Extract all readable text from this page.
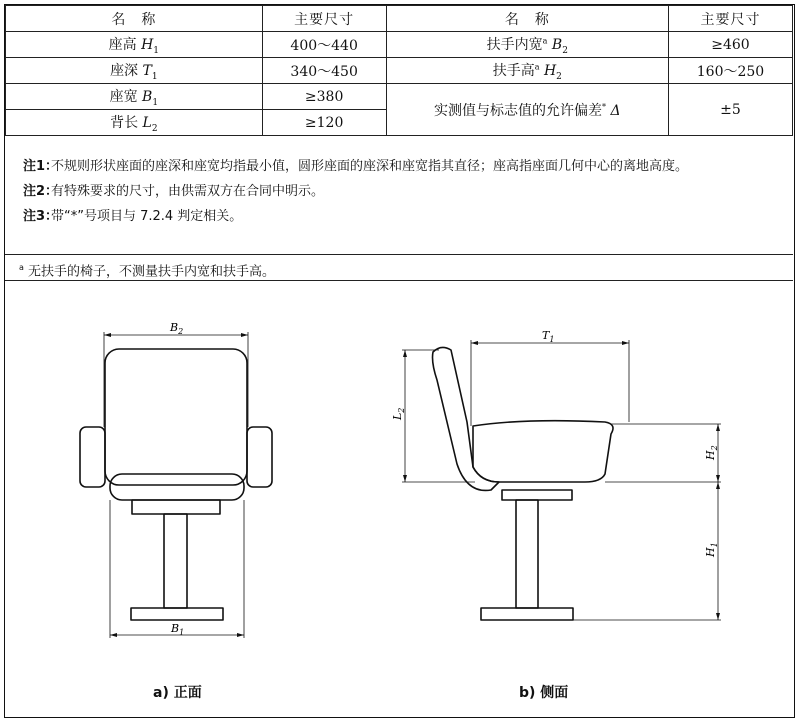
名　称	主要尺寸	名　称	主要尺寸
座高 $H_1$	400～440	扶手内宽$^a$ $B_2$	≥460
座深 $T_1$	340～450	扶手高$^a$ $H_2$	160～250
座宽 $B_1$	≥380	实测值与标志值的允许偏差* Δ	±5
背长 $L_2$	≥120		
注1：
不规则形状座面的座深和座宽均指最小值，圆形座面的座深和座宽指其直径；座高指座面几何中心的离地高度。
注2：
有特殊要求的尺寸，由供需双方在合同中明示。
注3：
带“*”号项目与 7.2.4 判定相关。
$^a$ 无扶手的椅子，不测量扶手内宽和扶手高。
$B_2$
$B_1$
$T_1$
$L_2$
$H_2$
$H_1$
a) 正面	b) 侧面
